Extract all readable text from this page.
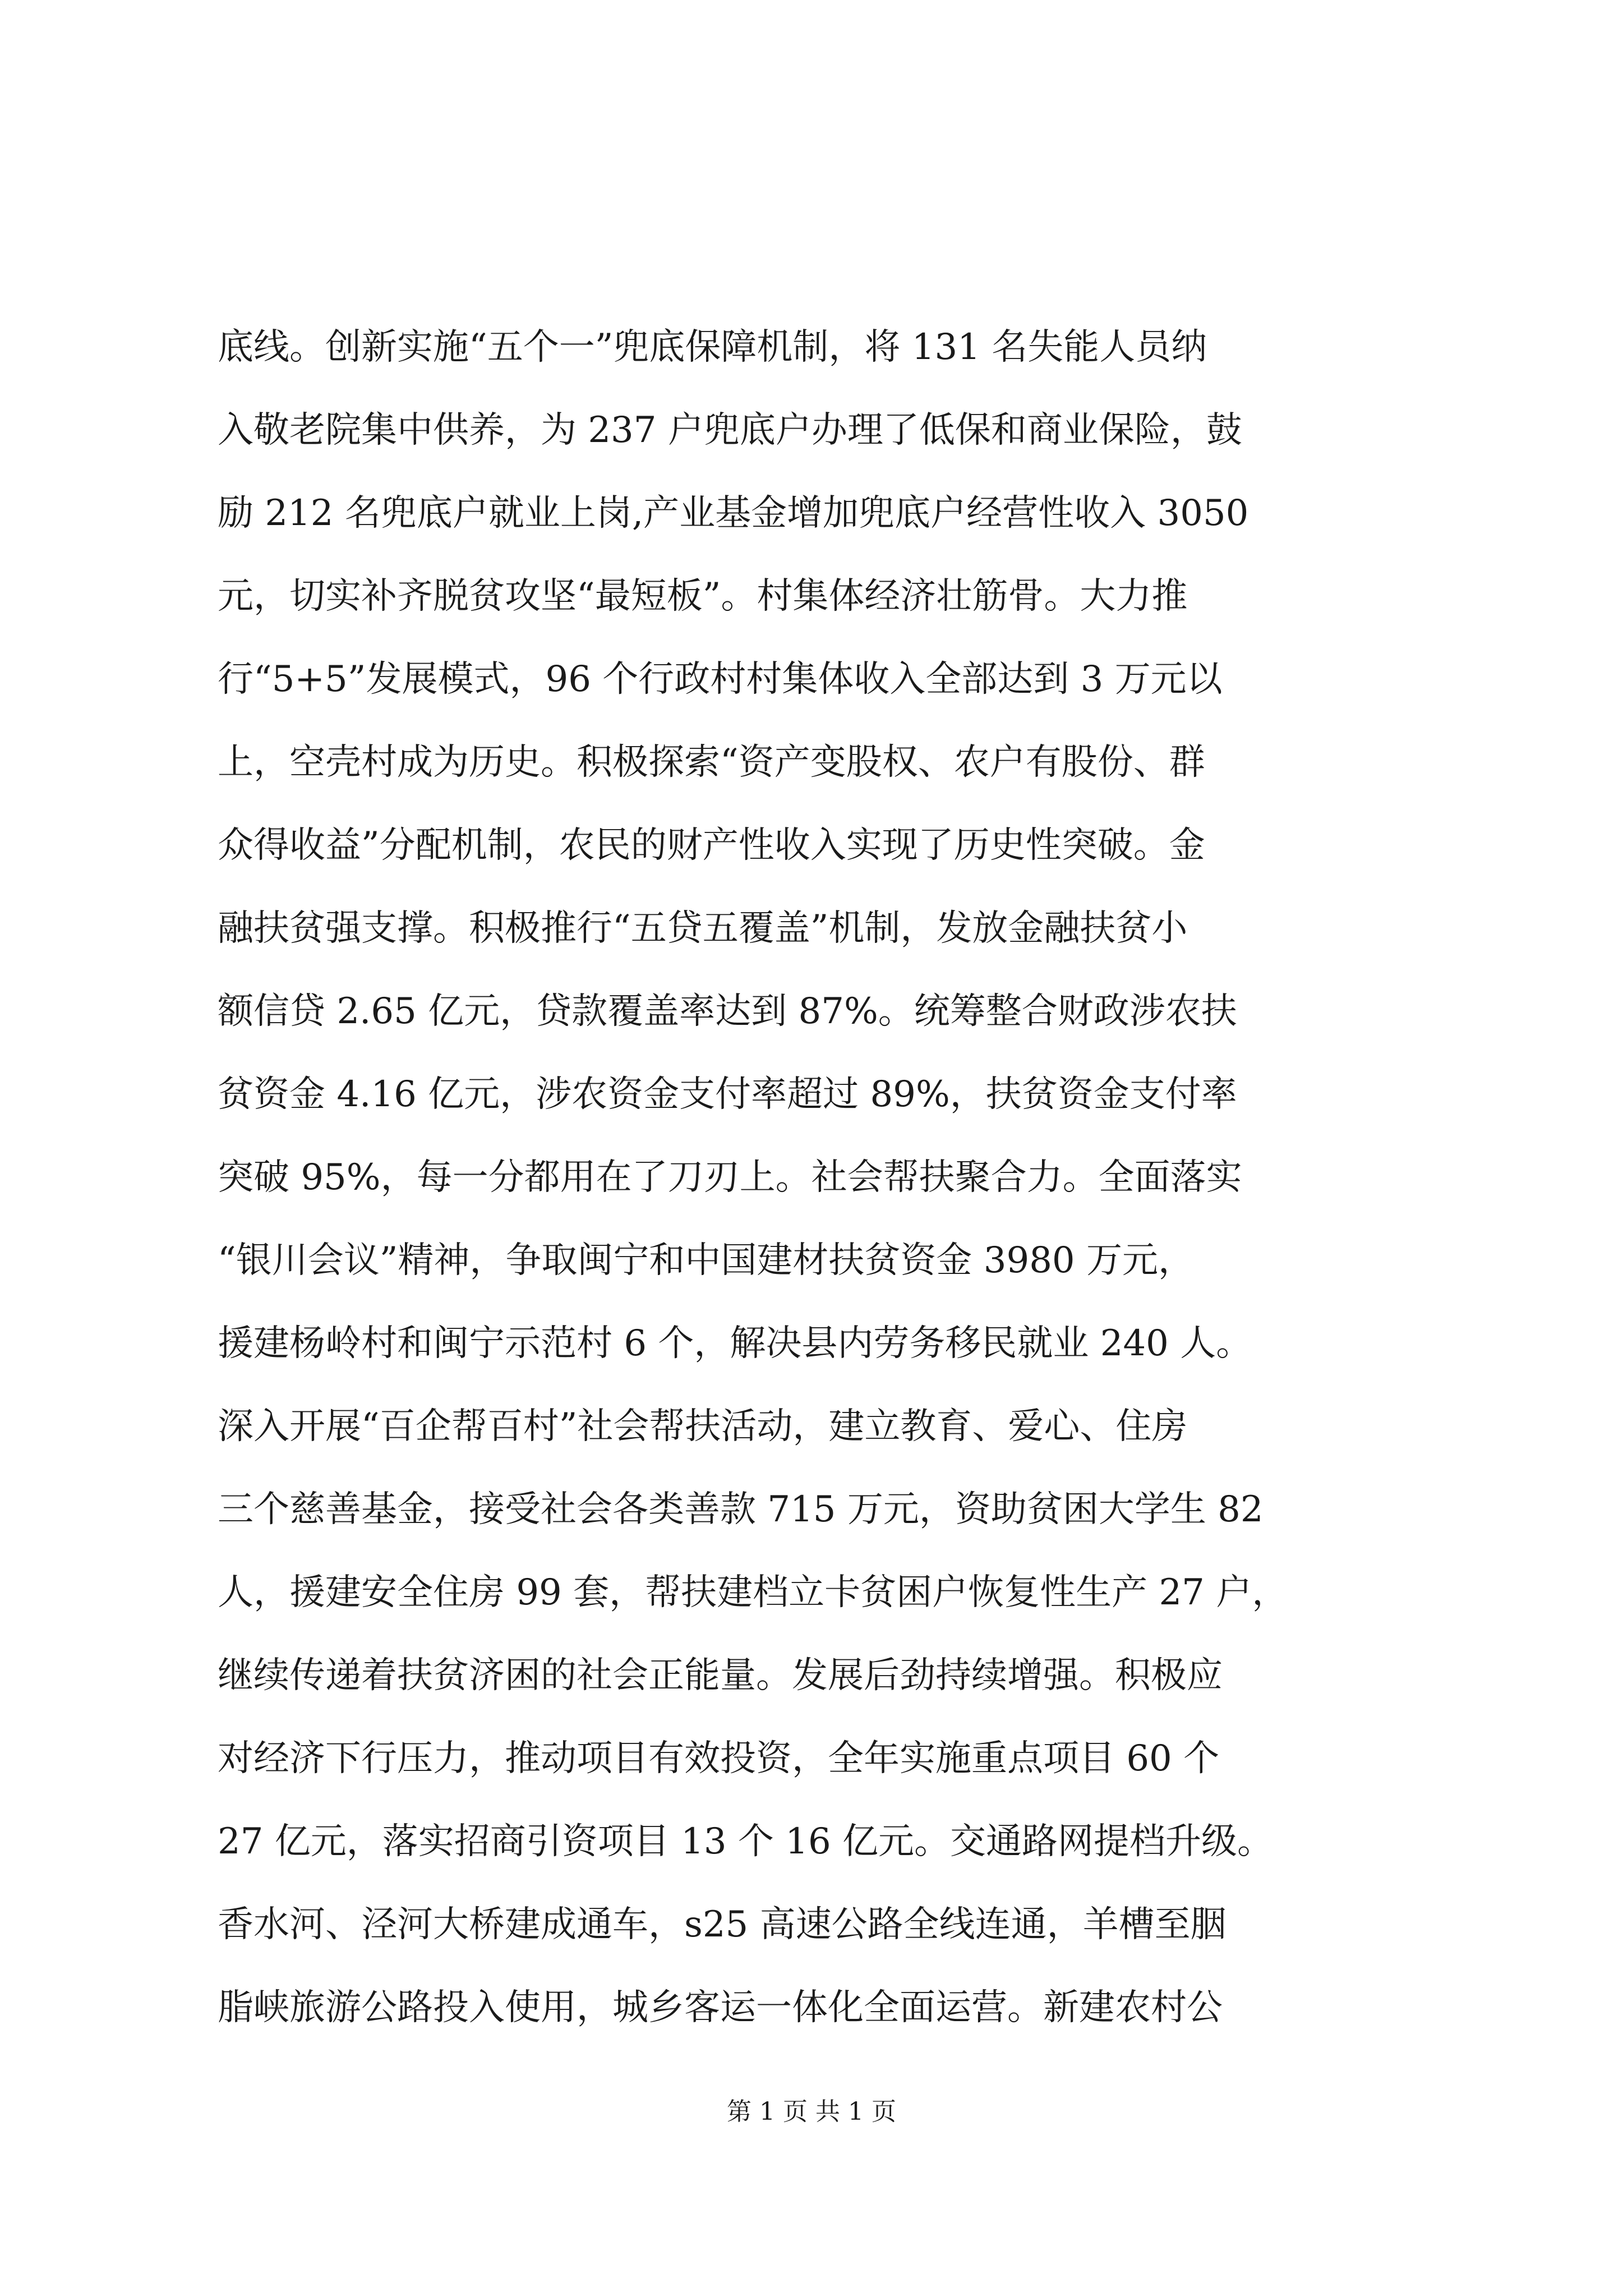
底线。创新实施“五个一”兜底保障机制，将 131 名失能人员纳
入敬老院集中供养，为 237 户兜底户办理了低保和商业保险，鼓
励 212 名兜底户就业上岗,产业基金增加兜底户经营性收入 3050
元，切实补齐脱贫攻坚“最短板”。村集体经济壮筋骨。大力推
行“5+5”发展模式，96 个行政村村集体收入全部达到 3 万元以
上，空壳村成为历史。积极探索“资产变股权、农户有股份、群
众得收益”分配机制，农民的财产性收入实现了历史性突破。金
融扶贫强支撑。积极推行“五贷五覆盖”机制，发放金融扶贫小
额信贷 2.65 亿元，贷款覆盖率达到 87%。统筹整合财政涉农扶
贫资金 4.16 亿元，涉农资金支付率超过 89%，扶贫资金支付率
突破 95%，每一分都用在了刀刃上。社会帮扶聚合力。全面落实
“银川会议”精神，争取闽宁和中国建材扶贫资金 3980 万元，
援建杨岭村和闽宁示范村 6 个，解决县内劳务移民就业 240 人。
深入开展“百企帮百村”社会帮扶活动，建立教育、爱心、住房
三个慈善基金，接受社会各类善款 715 万元，资助贫困大学生 82
人，援建安全住房 99 套，帮扶建档立卡贫困户恢复性生产 27 户，
继续传递着扶贫济困的社会正能量。发展后劲持续增强。积极应
对经济下行压力，推动项目有效投资，全年实施重点项目 60 个
27 亿元，落实招商引资项目 13 个 16 亿元。交通路网提档升级。
香水河、泾河大桥建成通车，s25 高速公路全线连通，羊槽至胭
脂峡旅游公路投入使用，城乡客运一体化全面运营。新建农村公
第 1 页 共 1 页
